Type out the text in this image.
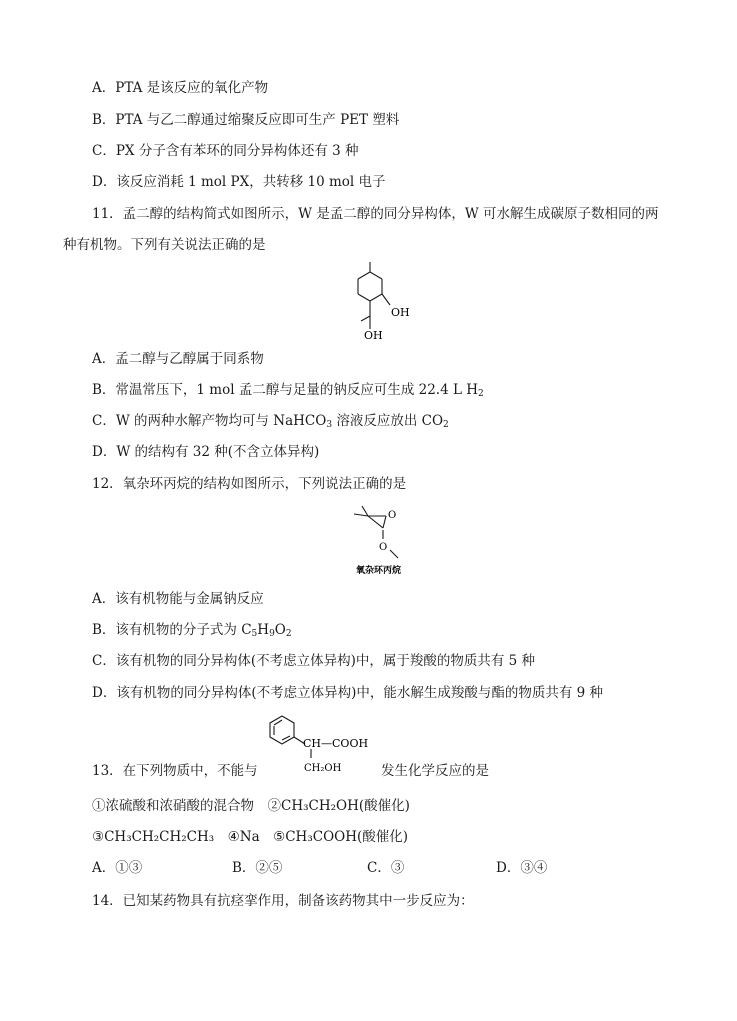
A．PTA 是该反应的氧化产物
B．PTA 与乙二醇通过缩聚反应即可生产 PET 塑料
C．PX 分子含有苯环的同分异构体还有 3 种
D．该反应消耗 1 mol PX，共转移 10 mol 电子
11．孟二醇的结构简式如图所示，W 是孟二醇的同分异构体，W 可水解生成碳原子数相同的两
种有机物。下列有关说法正确的是
OH
OH
A．孟二醇与乙醇属于同系物
B．常温常压下，1 mol 孟二醇与足量的钠反应可生成 22.4 L $H_2$
C．W 的两种水解产物均可与 NaHCO$_3$ 溶液反应放出 $CO_2$
D．W 的结构有 32 种(不含立体异构)
12．氧杂环丙烷的结构如图所示，下列说法正确的是
O
O
氧杂环丙烷
A．该有机物能与金属钠反应
B．该有机物的分子式为 $C_5H_9O_2$
C．该有机物的同分异构体(不考虑立体异构)中，属于羧酸的物质共有 5 种
D．该有机物的同分异构体(不考虑立体异构)中，能水解生成羧酸与酯的物质共有 9 种
CH—COOH
CH₂OH
13．在下列物质中，不能与	发生化学反应的是
①浓硫酸和浓硝酸的混合物　②CH₃CH₂OH(酸催化)
③CH₃CH₂CH₂CH₃　④Na　⑤CH₃COOH(酸催化)
A．①③	B．②⑤	C．③	D．③④
14．已知某药物具有抗痉挛作用，制备该药物其中一步反应为：
